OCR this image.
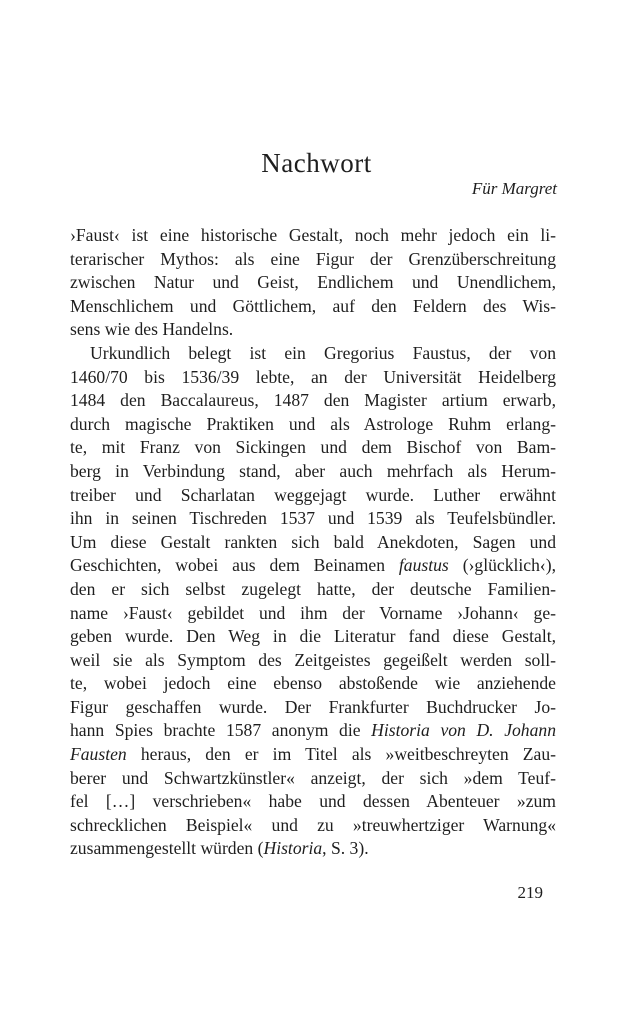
Nachwort
Für Margret
›Faust‹ ist eine historische Gestalt, noch mehr jedoch ein li-
terarischer Mythos: als eine Figur der Grenzüberschreitung
zwischen Natur und Geist, Endlichem und Unendlichem,
Menschlichem und Göttlichem, auf den Feldern des Wis-
sens wie des Handelns.
Urkundlich belegt ist ein Gregorius Faustus, der von
1460/70 bis 1536/39 lebte, an der Universität Heidelberg
1484 den Baccalaureus, 1487 den Magister artium erwarb,
durch magische Praktiken und als Astrologe Ruhm erlang-
te, mit Franz von Sickingen und dem Bischof von Bam-
berg in Verbindung stand, aber auch mehrfach als Herum-
treiber und Scharlatan weggejagt wurde. Luther erwähnt
ihn in seinen Tischreden 1537 und 1539 als Teufelsbündler.
Um diese Gestalt rankten sich bald Anekdoten, Sagen und
Geschichten, wobei aus dem Beinamen faustus (›glücklich‹),
den er sich selbst zugelegt hatte, der deutsche Familien-
name ›Faust‹ gebildet und ihm der Vorname ›Johann‹ ge-
geben wurde. Den Weg in die Literatur fand diese Gestalt,
weil sie als Symptom des Zeitgeistes gegeißelt werden soll-
te, wobei jedoch eine ebenso abstoßende wie anziehende
Figur geschaffen wurde. Der Frankfurter Buchdrucker Jo-
hann Spies brachte 1587 anonym die Historia von D. Johann
Fausten heraus, den er im Titel als »weitbeschreyten Zau-
berer und Schwartzkünstler« anzeigt, der sich »dem Teuf-
fel […] verschrieben« habe und dessen Abenteuer »zum
schrecklichen Beispiel« und zu »treuwhertziger Warnung«
zusammengestellt würden (Historia, S. 3).
219
